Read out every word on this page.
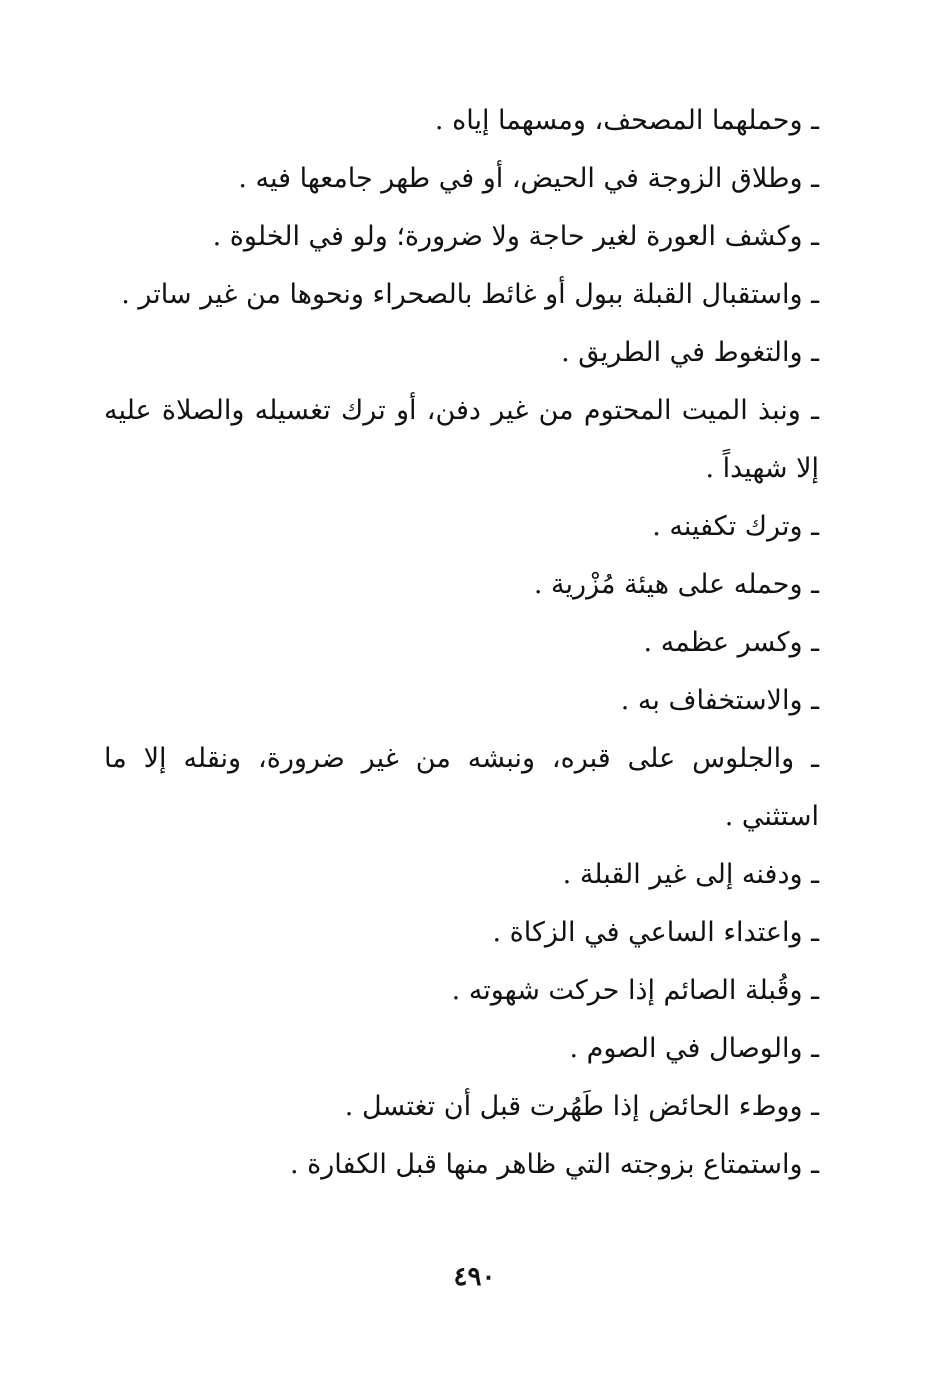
ـ وحملهما المصحف، ومسهما إياه .

ـ وطلاق الزوجة في الحيض، أو في طهر جامعها فيه .

ـ وكشف العورة لغير حاجة ولا ضرورة؛ ولو في الخلوة .

ـ واستقبال القبلة ببول أو غائط بالصحراء ونحوها من غير ساتر .

ـ والتغوط في الطريق .

ـ ونبذ الميت المحتوم من غير دفن، أو ترك تغسيله والصلاة عليه إلا شهيداً .

ـ وترك تكفينه .

ـ وحمله على هيئة مُزْرية .

ـ وكسر عظمه .

ـ والاستخفاف به .

ـ والجلوس على قبره، ونبشه من غير ضرورة، ونقله إلا ما استثني .

ـ ودفنه إلى غير القبلة .

ـ واعتداء الساعي في الزكاة .

ـ وقُبلة الصائم إذا حركت شهوته .

ـ والوصال في الصوم .

ـ ووطء الحائض إذا طَهُرت قبل أن تغتسل .

ـ واستمتاع بزوجته التي ظاهر منها قبل الكفارة .

٤٩٠
